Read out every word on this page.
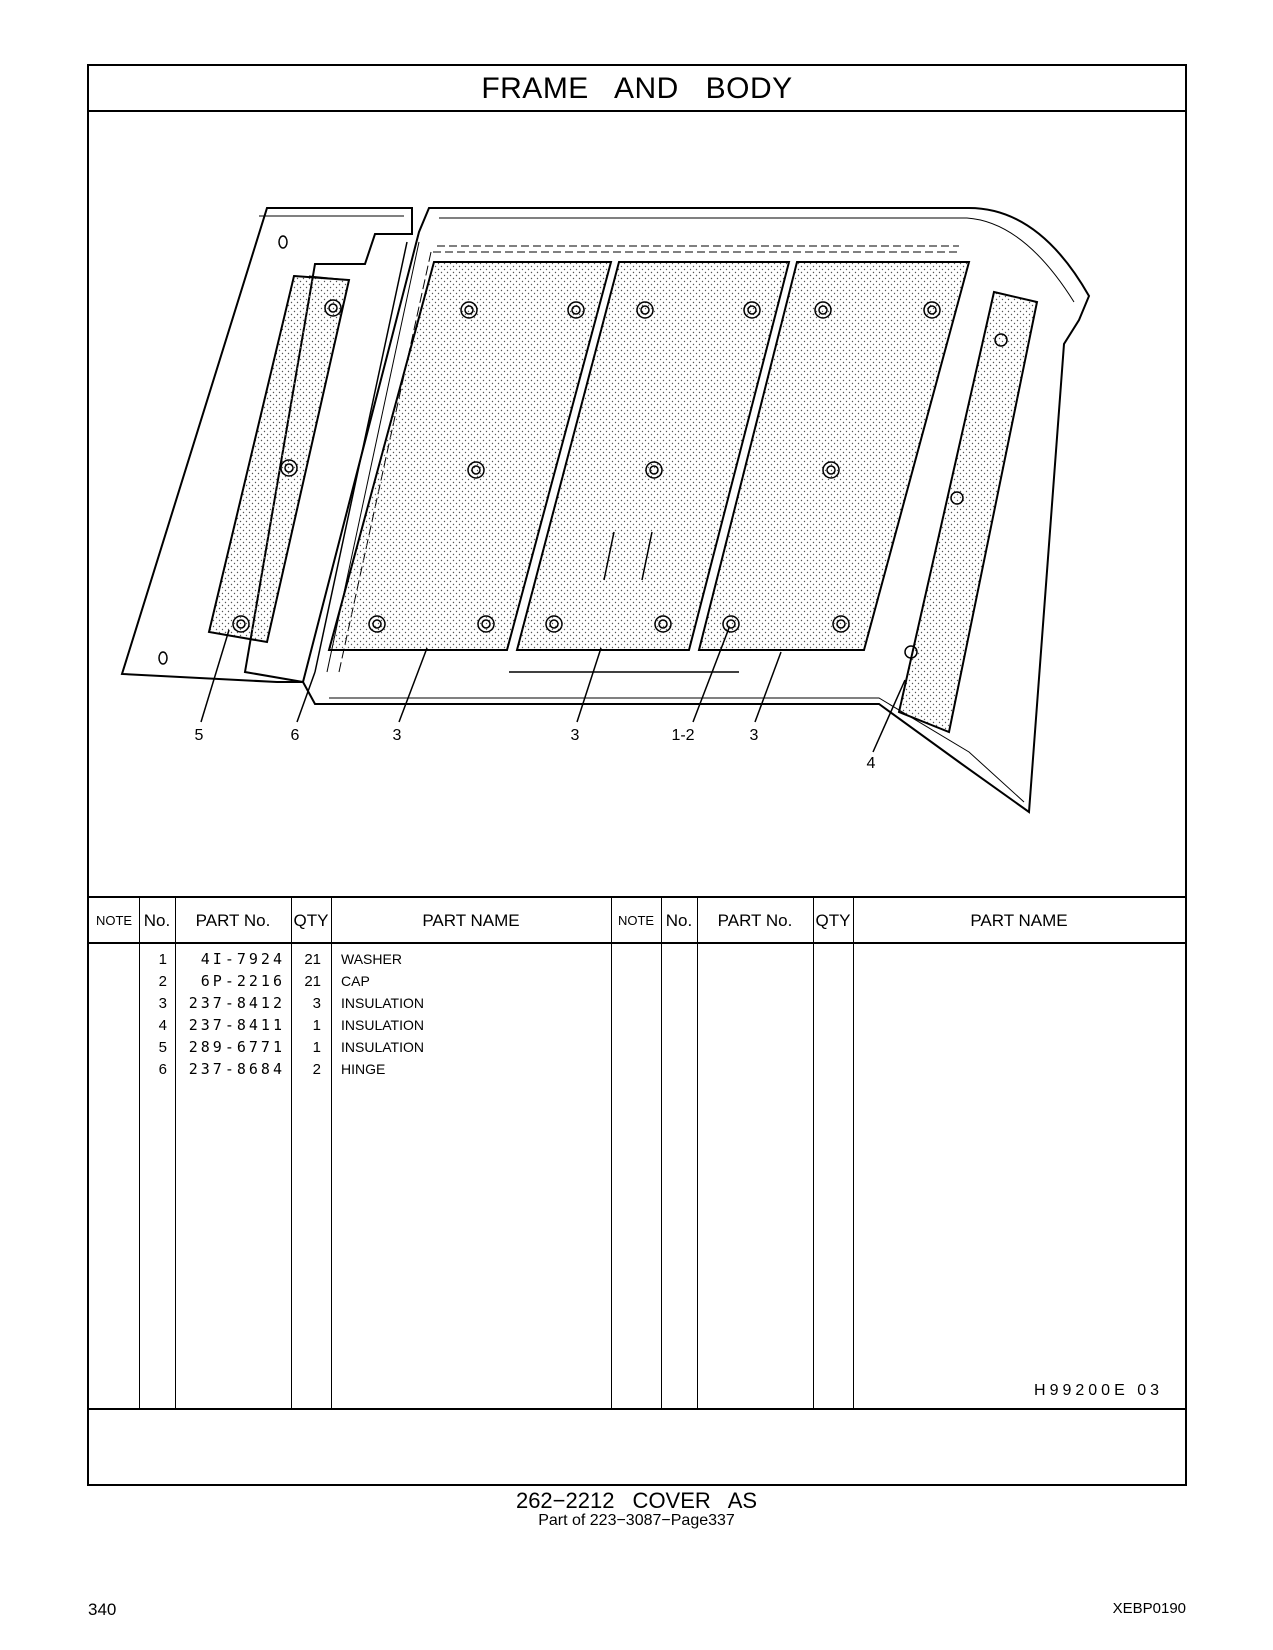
FRAME AND BODY
5	6	3	3	1-2	3
4
NOTE No.	PART No.	QTY	PART NAME	NOTE No.	PART No.	QTY	PART NAME
1	4I-7924	21 WASHER
2	6P-2216	21 CAP
3	237-8412	3 INSULATION
4	237-8411	1 INSULATION
5	289-6771	1 INSULATION
6	237-8684	2 HINGE
H99200E 03
262−2212 COVER AS
Part of 223−3087−Page337
340	XEBP0190
